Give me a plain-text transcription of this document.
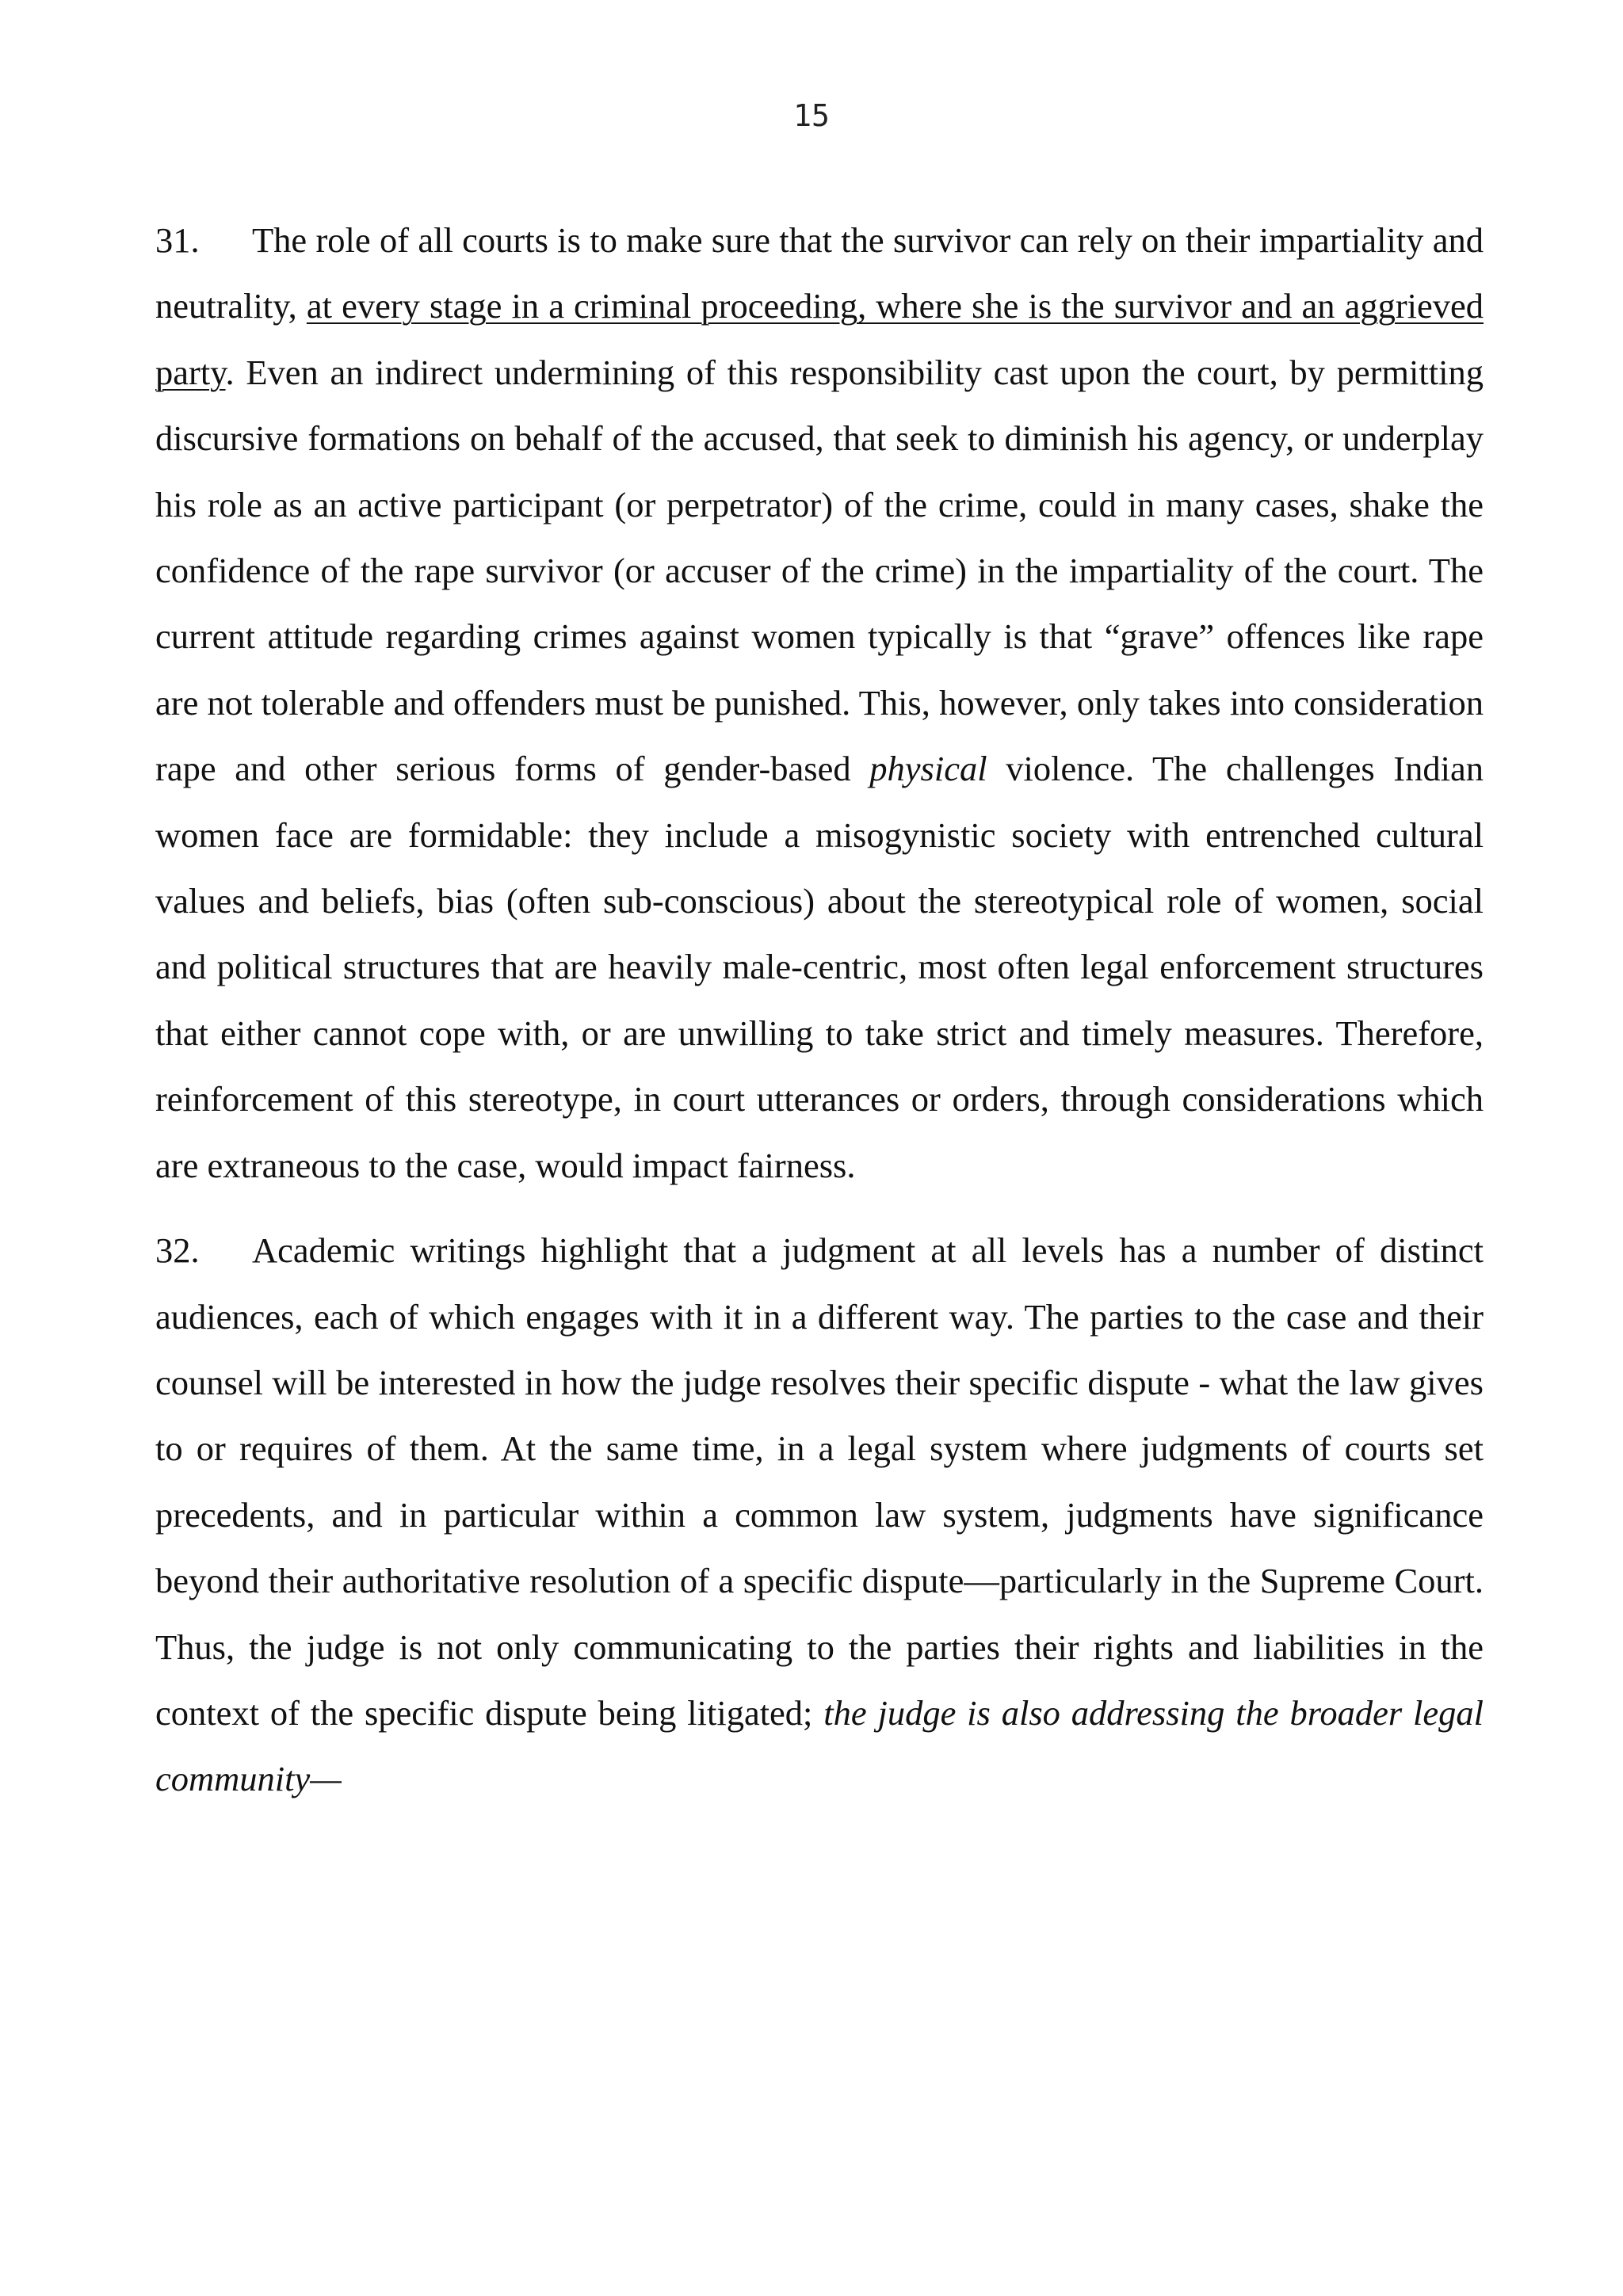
15

31. The role of all courts is to make sure that the survivor can rely on their impartiality and neutrality, at every stage in a criminal proceeding, where she is the survivor and an aggrieved party. Even an indirect undermining of this responsibility cast upon the court, by permitting discursive formations on behalf of the accused, that seek to diminish his agency, or underplay his role as an active participant (or perpetrator) of the crime, could in many cases, shake the confidence of the rape survivor (or accuser of the crime) in the impartiality of the court. The current attitude regarding crimes against women typically is that “grave” offences like rape are not tolerable and offenders must be punished. This, however, only takes into consideration rape and other serious forms of gender-based physical violence. The challenges Indian women face are formidable: they include a misogynistic society with entrenched cultural values and beliefs, bias (often sub-conscious) about the stereotypical role of women, social and political structures that are heavily male-centric, most often legal enforcement structures that either cannot cope with, or are unwilling to take strict and timely measures. Therefore, reinforcement of this stereotype, in court utterances or orders, through considerations which are extraneous to the case, would impact fairness.

32. Academic writings highlight that a judgment at all levels has a number of distinct audiences, each of which engages with it in a different way. The parties to the case and their counsel will be interested in how the judge resolves their specific dispute - what the law gives to or requires of them. At the same time, in a legal system where judgments of courts set precedents, and in particular within a common law system, judgments have significance beyond their authoritative resolution of a specific dispute—particularly in the Supreme Court. Thus, the judge is not only communicating to the parties their rights and liabilities in the context of the specific dispute being litigated; the judge is also addressing the broader legal community—
